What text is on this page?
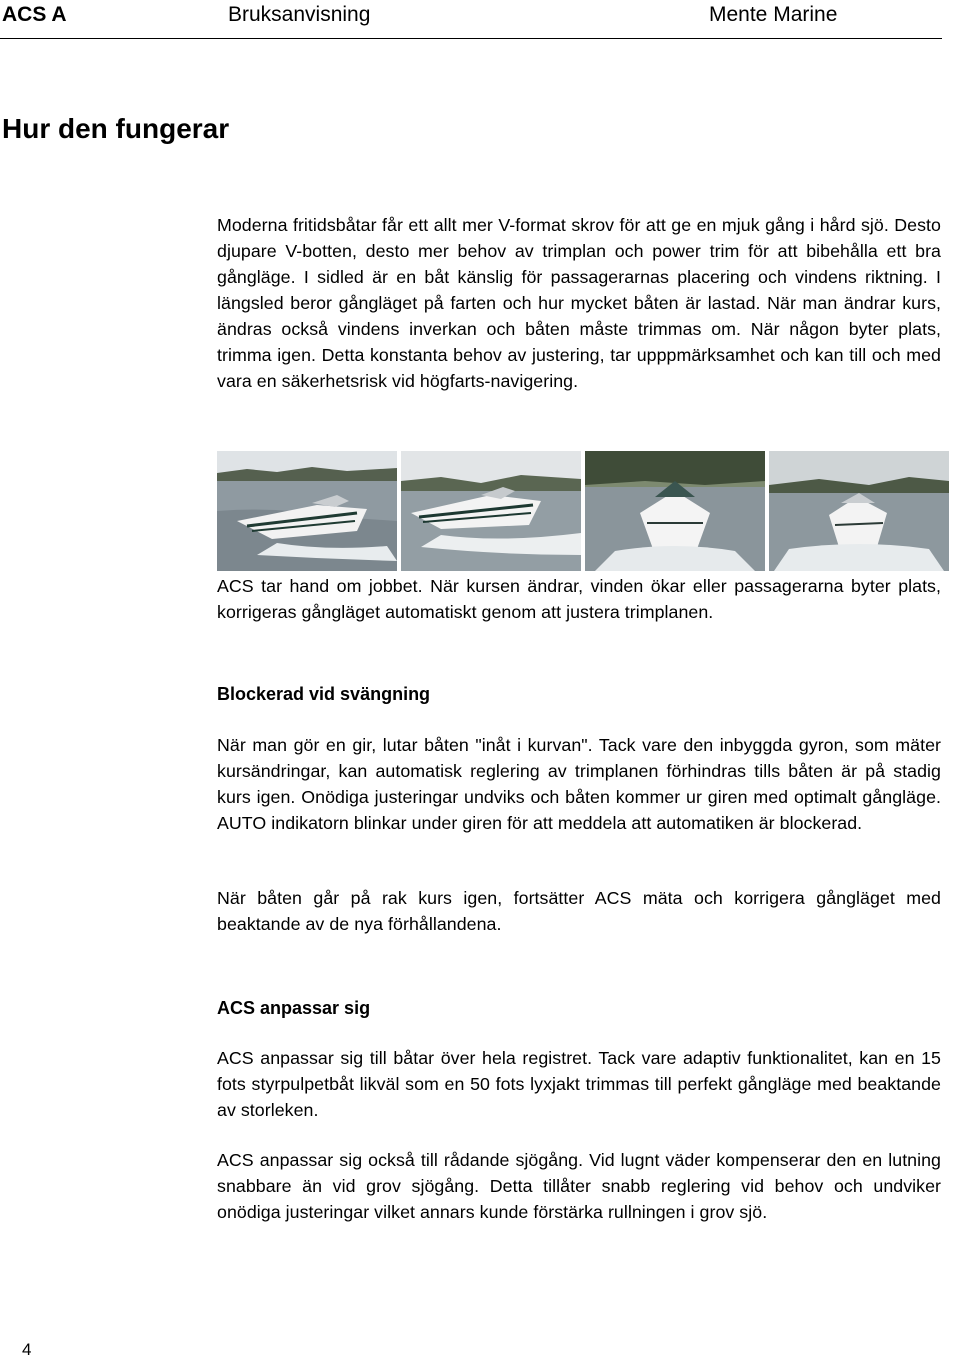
ACS A	Bruksanvisning	Mente Marine
Hur den fungerar

Moderna fritidsbåtar får ett allt mer V-format skrov för att ge en mjuk gång i hård sjö. Desto djupare V-botten, desto mer behov av trimplan och power trim för att bibehålla ett bra gångläge. I sidled är en båt känslig för passagerarnas placering och vindens riktning. I längsled beror gångläget på farten och hur mycket båten är lastad. När man ändrar kurs, ändras också vindens inverkan och båten måste trimmas om. När någon byter plats, trimma igen. Detta konstanta behov av justering, tar upppmärksamhet och kan till och med vara en säkerhetsrisk vid högfarts-navigering.

ACS tar hand om jobbet. När kursen ändrar, vinden ökar eller passagerarna byter plats, korrigeras gångläget automatiskt genom att justera trimplanen.

Blockerad vid svängning

När man gör en gir, lutar båten "inåt i kurvan". Tack vare den inbyggda gyron, som mäter kursändringar, kan automatisk reglering av trimplanen förhindras tills båten är på stadig kurs igen. Onödiga justeringar undviks och båten kommer ur giren med optimalt gångläge. AUTO indikatorn blinkar under giren för att meddela att automatiken är blockerad.

När båten går på rak kurs igen, fortsätter ACS mäta och korrigera gångläget med beaktande av de nya förhållandena.

ACS anpassar sig

ACS anpassar sig till båtar över hela registret. Tack vare adaptiv funktionalitet, kan en 15 fots styrpulpetbåt likväl som en 50 fots lyxjakt trimmas till perfekt gångläge med beaktande av storleken.

ACS anpassar sig också till rådande sjögång. Vid lugnt väder kompenserar den en lutning snabbare än vid grov sjögång. Detta tillåter snabb reglering vid behov och undviker onödiga justeringar vilket annars kunde förstärka rullningen i grov sjö.

4
